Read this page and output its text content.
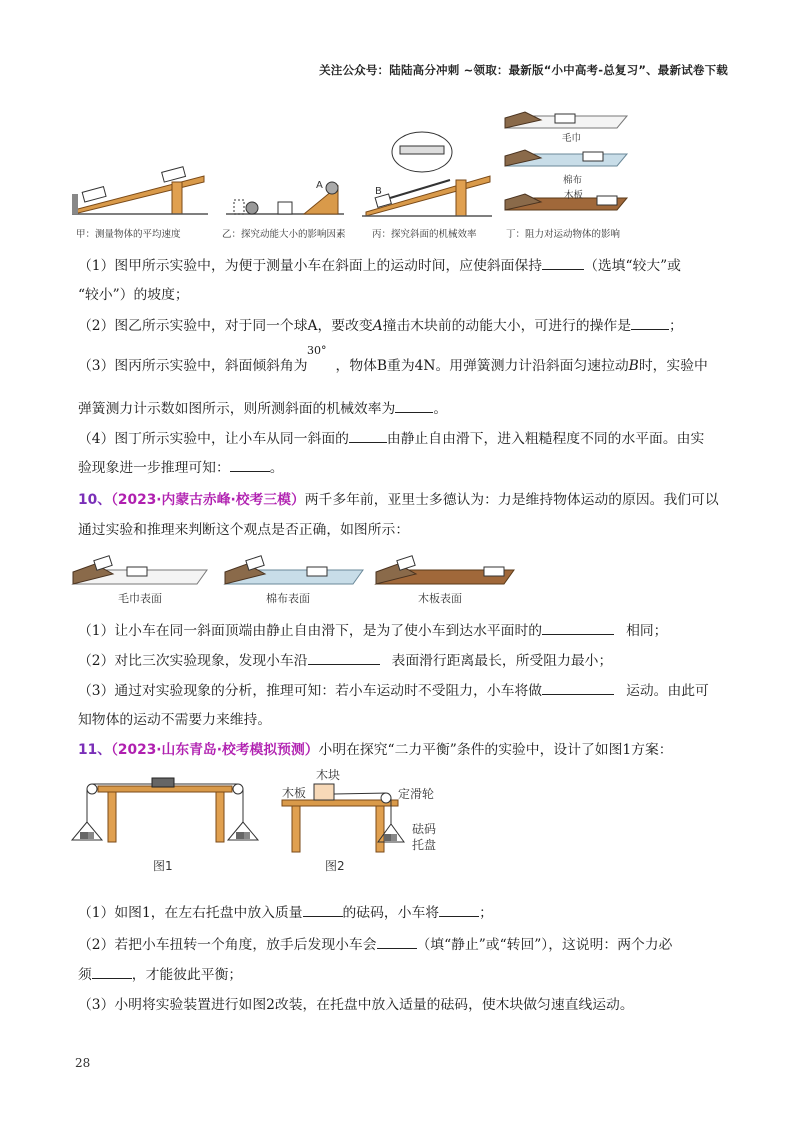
关注公众号：陆陆高分冲刺 ~领取：最新版“小中高考-总复习”、最新试卷下载
甲：测量物体的平均速度
A
乙：探究动能大小的影响因素
B
丙：探究斜面的机械效率
毛巾
棉布
木板
丁：阻力对运动物体的影响
（1）图甲所示实验中，为便于测量小车在斜面上的运动时间，应使斜面保持	（选填“较大”或
“较小”）的坡度；
（2）图乙所示实验中，对于同一个球A，要改变A撞击木块前的动能大小，可进行的操作是	；
30°
（3）图丙所示实验中，斜面倾斜角为 ，物体B重为4N。用弹簧测力计沿斜面匀速拉动B时，实验中
弹簧测力计示数如图所示，则所测斜面的机械效率为	。
（4）图丁所示实验中，让小车从同一斜面的	由静止自由滑下，进入粗糙程度不同的水平面。由实
验现象进一步推理可知：	。
10、（2023·内蒙古赤峰·校考三模）两千多年前，亚里士多德认为：力是维持物体运动的原因。我们可以
通过实验和推理来判断这个观点是否正确，如图所示：
毛巾表面	棉布表面	木板表面
（1）让小车在同一斜面顶端由静止自由滑下，是为了使小车到达水平面时的	相同；
（2）对比三次实验现象，发现小车沿	表面滑行距离最长，所受阻力最小；
（3）通过对实验现象的分析，推理可知：若小车运动时不受阻力，小车将做	运动。由此可
知物体的运动不需要力来维持。
11、（2023·山东青岛·校考模拟预测）小明在探究“二力平衡”条件的实验中，设计了如图1方案：
图1
木块
木板	定滑轮
砝码
托盘
图2
（1）如图1，在左右托盘中放入质量	的砝码，小车将	；
（2）若把小车扭转一个角度，放手后发现小车会	（填“静止”或“转回”），这说明：两个力必
须	，才能彼此平衡；
（3）小明将实验装置进行如图2改装，在托盘中放入适量的砝码，使木块做匀速直线运动。
28
